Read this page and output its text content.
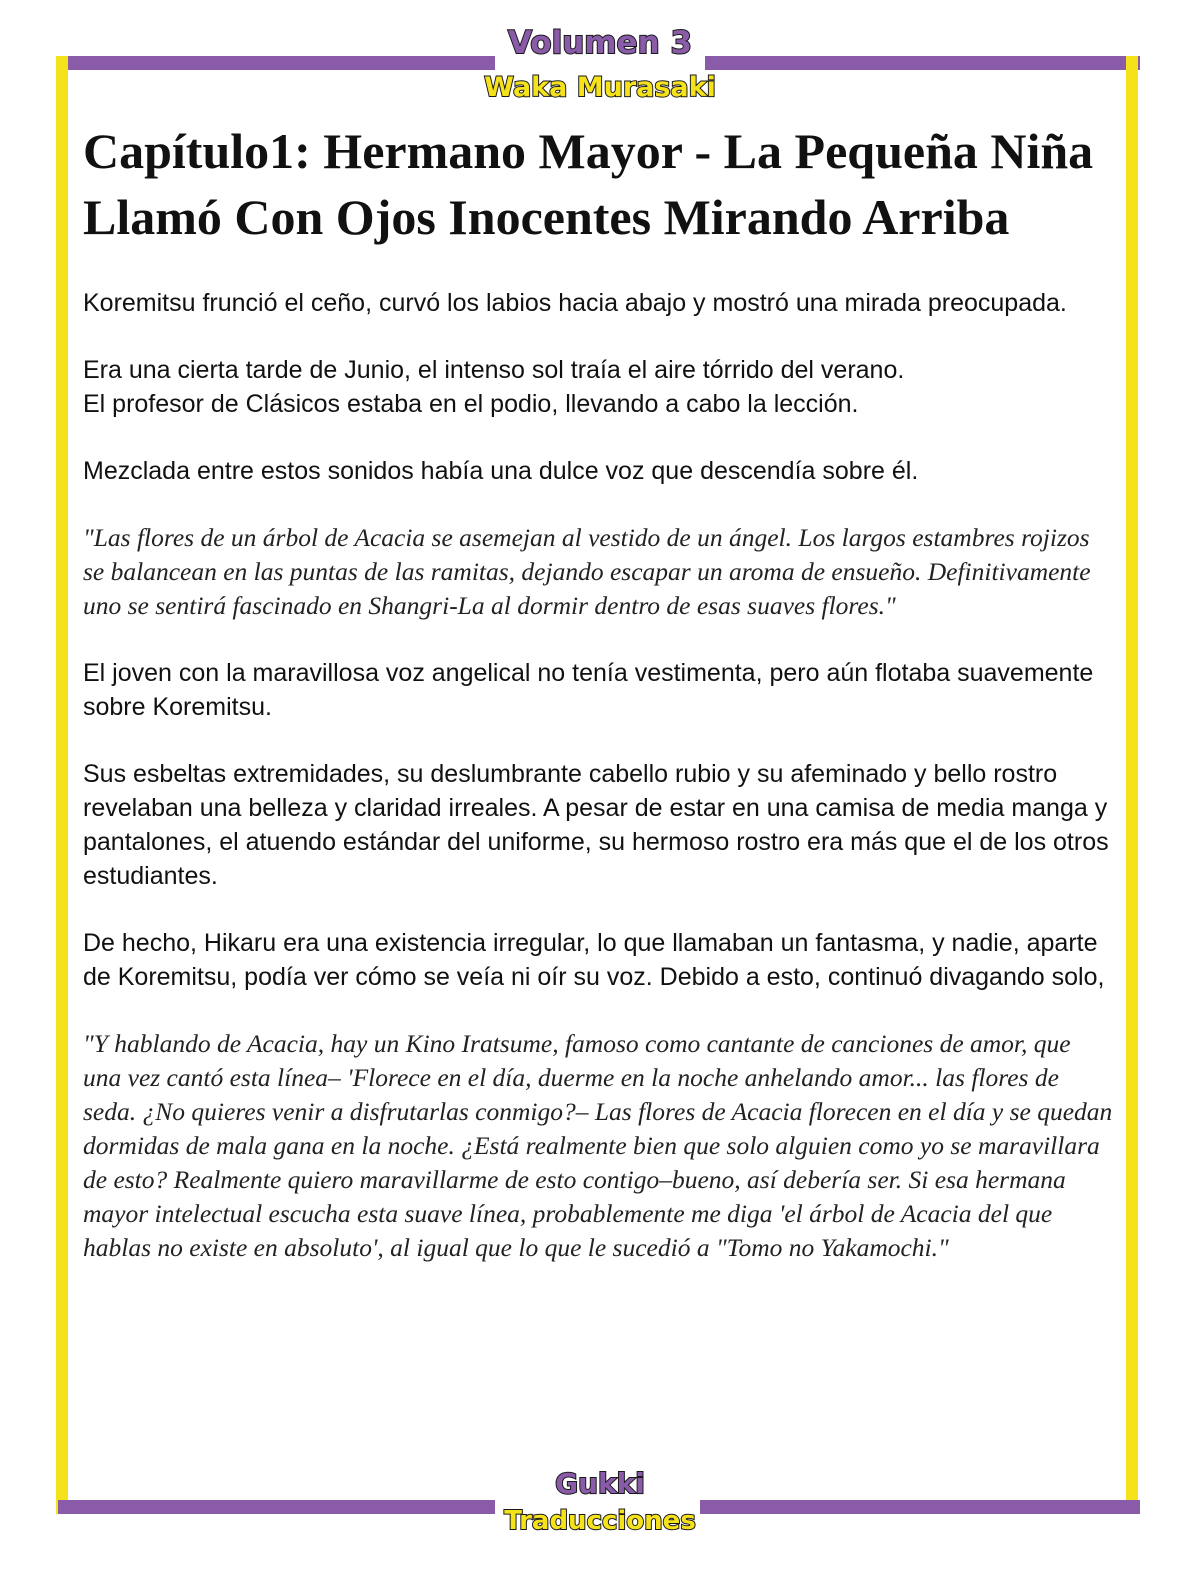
Volumen 3
Waka Murasaki
Capítulo1: Hermano Mayor - La Pequeña Niña Llamó Con Ojos Inocentes Mirando Arriba

Koremitsu frunció el ceño, curvó los labios hacia abajo y mostró una mirada preocupada.

Era una cierta tarde de Junio, el intenso sol traía el aire tórrido del verano.
El profesor de Clásicos estaba en el podio, llevando a cabo la lección.

Mezclada entre estos sonidos había una dulce voz que descendía sobre él.

"Las flores de un árbol de Acacia se asemejan al vestido de un ángel. Los largos estambres rojizos se balancean en las puntas de las ramitas, dejando escapar un aroma de ensueño. Definitivamente uno se sentirá fascinado en Shangri-La al dormir dentro de esas suaves flores."

El joven con la maravillosa voz angelical no tenía vestimenta, pero aún flotaba suavemente sobre Koremitsu.

Sus esbeltas extremidades, su deslumbrante cabello rubio y su afeminado y bello rostro revelaban una belleza y claridad irreales. A pesar de estar en una camisa de media manga y pantalones, el atuendo estándar del uniforme, su hermoso rostro era más que el de los otros estudiantes.

De hecho, Hikaru era una existencia irregular, lo que llamaban un fantasma, y nadie, aparte de Koremitsu, podía ver cómo se veía ni oír su voz. Debido a esto, continuó divagando solo,

"Y hablando de Acacia, hay un Kino Iratsume, famoso como cantante de canciones de amor, que una vez cantó esta línea– 'Florece en el día, duerme en la noche anhelando amor... las flores de seda. ¿No quieres venir a disfrutarlas conmigo?– Las flores de Acacia florecen en el día y se quedan dormidas de mala gana en la noche. ¿Está realmente bien que solo alguien como yo se maravillara de esto? Realmente quiero maravillarme de esto contigo–bueno, así debería ser. Si esa hermana mayor intelectual escucha esta suave línea, probablemente me diga 'el árbol de Acacia del que hablas no existe en absoluto', al igual que lo que le sucedió a "Tomo no Yakamochi."

Gukki
Traducciones
